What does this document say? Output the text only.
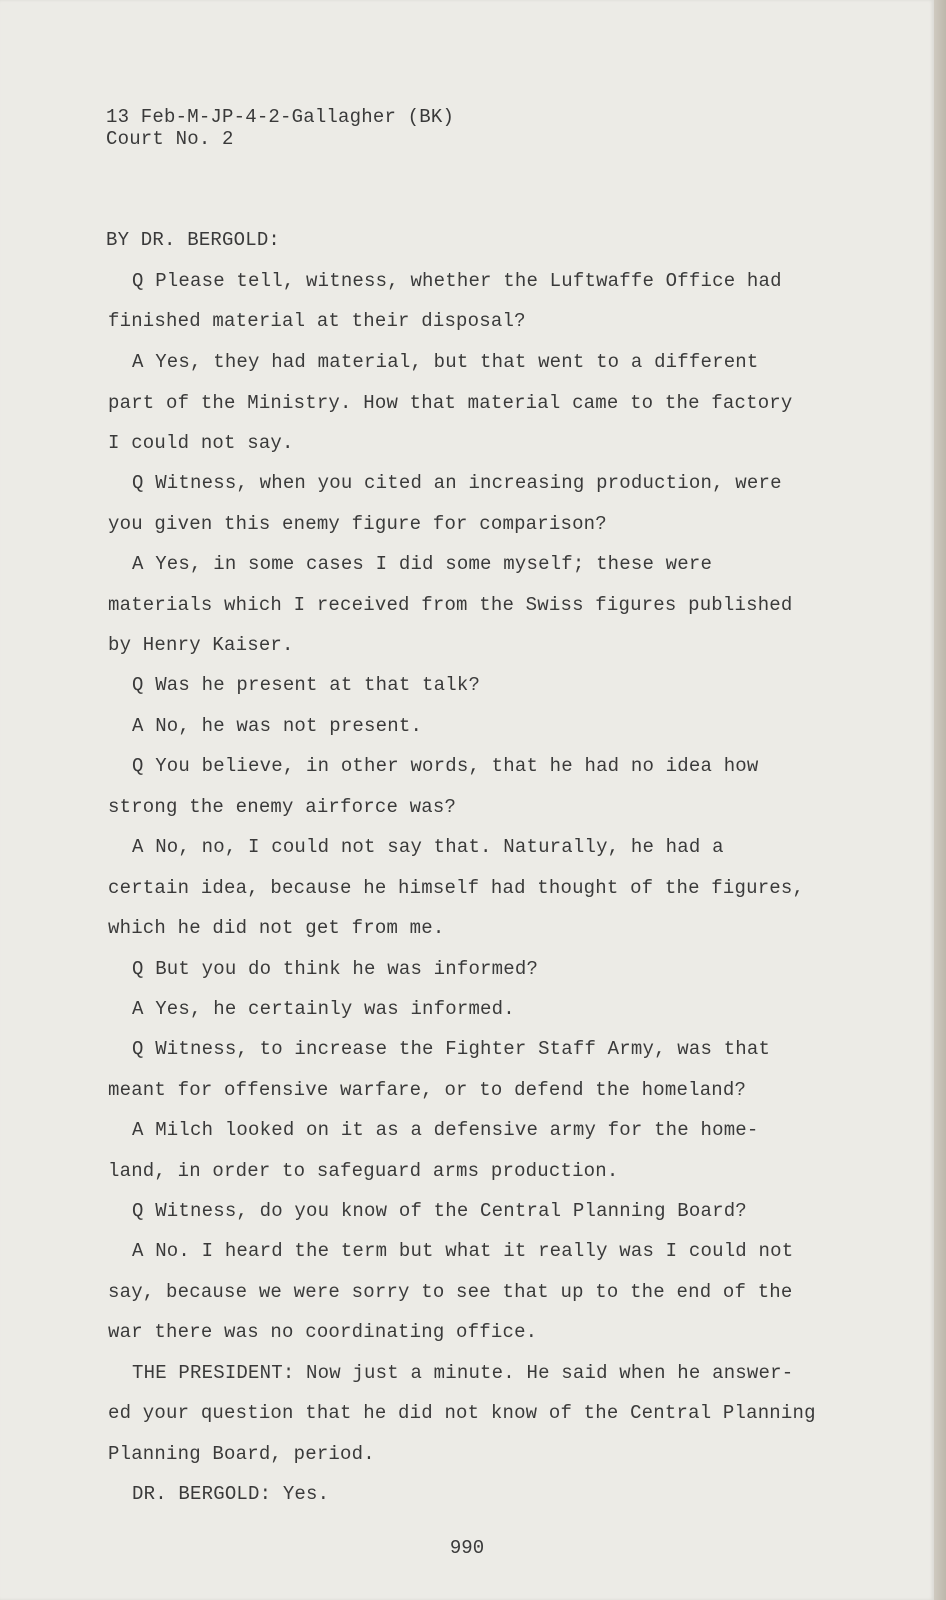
13 Feb-M-JP-4-2-Gallagher (BK)
Court No. 2
BY DR. BERGOLD:
Q Please tell, witness, whether the Luftwaffe Office had
finished material at their disposal?
A Yes, they had material, but that went to a different
part of the Ministry. How that material came to the factory
I could not say.
Q Witness, when you cited an increasing production, were
you given this enemy figure for comparison?
A Yes, in some cases I did some myself; these were
materials which I received from the Swiss figures published
by Henry Kaiser.
Q Was he present at that talk?
A No, he was not present.
Q You believe, in other words, that he had no idea how
strong the enemy airforce was?
A No, no, I could not say that. Naturally, he had a
certain idea, because he himself had thought of the figures,
which he did not get from me.
Q But you do think he was informed?
A Yes, he certainly was informed.
Q Witness, to increase the Fighter Staff Army, was that
meant for offensive warfare, or to defend the homeland?
A Milch looked on it as a defensive army for the home-
land, in order to safeguard arms production.
Q Witness, do you know of the Central Planning Board?
A No. I heard the term but what it really was I could not
say, because we were sorry to see that up to the end of the
war there was no coordinating office.
THE PRESIDENT: Now just a minute. He said when he answer-
ed your question that he did not know of the Central Planning
Planning Board, period.
DR. BERGOLD: Yes.
990
